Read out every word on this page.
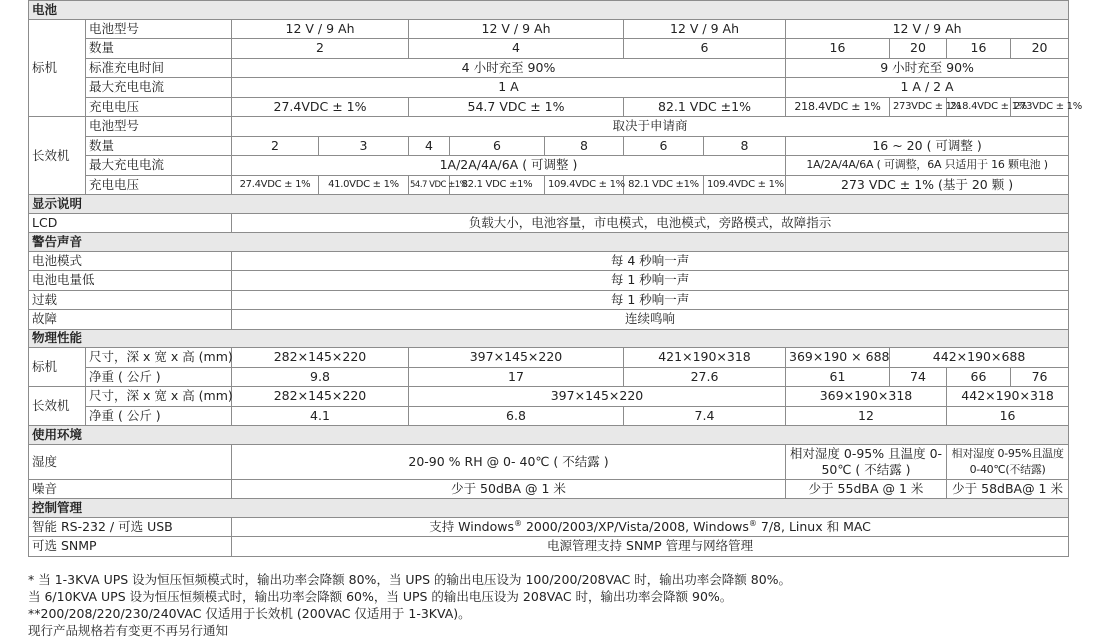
电池												
标机	电池型号	12 V / 9 Ah		12 V / 9 Ah			12 V / 9 Ah		12 V / 9 Ah			
	数量	2		4			6		16	20	16	20
	标准充电时间	4 小时充至 90%							9 小时充至 90%			
	最大充电电流	1 A							1 A / 2 A			
	充电电压	27.4VDC ± 1%		54.7 VDC ± 1%			82.1 VDC ±1%		218.4VDC ± 1%	273VDC ± 1%	218.4VDC ± 1%	273VDC ± 1%
长效机	电池型号	取决于申请商										
	数量	2	3	4	6	8	6	8	16 ~ 20 ( 可调整 )			
	最大充电电流	1A/2A/4A/6A ( 可调整 )							1A/2A/4A/6A ( 可调整，6A 只适用于 16 颗电池 )			
	充电电压	27.4VDC ± 1%	41.0VDC ± 1%	54.7 VDC ±1%	82.1 VDC ±1%	109.4VDC ± 1%	82.1 VDC ±1%	109.4VDC ± 1%	273 VDC ± 1% (基于 20 颗 )			
显示说明												
LCD		负载大小，电池容量，市电模式，电池模式，旁路模式，故障指示										
警告声音												
电池模式		每 4 秒响一声										
电池电量低		每 1 秒响一声										
过载		每 1 秒响一声										
故障		连续鸣响										
物理性能												
标机	尺寸，深 x 宽 x 高 (mm)	282×145×220		397×145×220			421×190×318		369×190 × 688	442×190×688		
	净重 ( 公斤 )	9.8		17			27.6		61	74	66	76
长效机	尺寸，深 x 宽 x 高 (mm)	282×145×220		397×145×220					369×190×318		442×190×318	
	净重 ( 公斤 )	4.1		6.8			7.4		12		16	
使用环境												
湿度		20-90 % RH @ 0- 40℃ ( 不结露 )							相对湿度 0-95% 且温度 0-50℃ ( 不结露 )		相对湿度 0-95%且温度 0-40℃(不结露)	
噪音		少于 50dBA @ 1 米							少于 55dBA @ 1 米		少于 58dBA@ 1 米	
控制管理												
智能 RS-232 / 可选 USB		支持 Windows® 2000/2003/XP/Vista/2008, Windows® 7/8, Linux 和 MAC										
可选 SNMP		电源管理支持 SNMP 管理与网络管理										
* 当 1-3KVA UPS 设为恒压恒频模式时，输出功率会降额 80%，当 UPS 的输出电压设为 100/200/208VAC 时，输出功率会降额 80%。
当 6/10KVA UPS 设为恒压恒频模式时，输出功率会降额 60%，当 UPS 的输出电压设为 208VAC 时，输出功率会降额 90%。
**200/208/220/230/240VAC 仅适用于长效机 (200VAC 仅适用于 1-3KVA)。
现行产品规格若有变更不再另行通知
